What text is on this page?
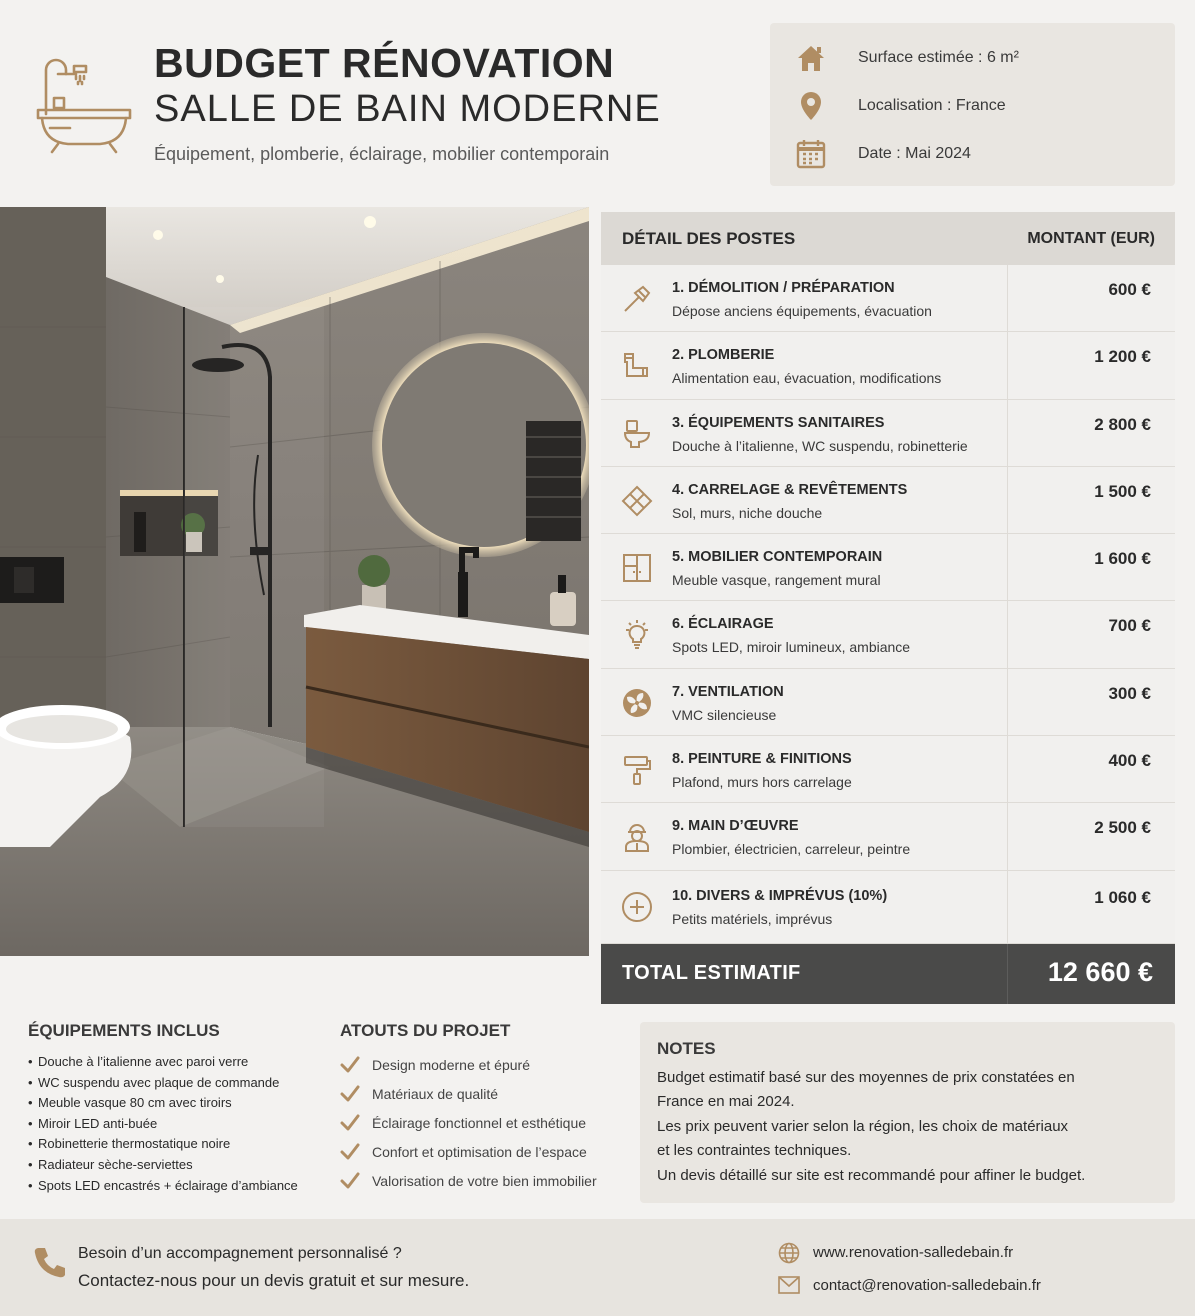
BUDGET RÉNOVATION
SALLE DE BAIN MODERNE
Équipement, plomberie, éclairage, mobilier contemporain
Surface estimée : 6 m²
Localisation : France
Date : Mai 2024
DÉTAIL DES POSTES	MONTANT (EUR)
1. DÉMOLITION / PRÉPARATION
Dépose anciens équipements, évacuation
600 €
2. PLOMBERIE
Alimentation eau, évacuation, modifications
1 200 €
3. ÉQUIPEMENTS SANITAIRES
Douche à l’italienne, WC suspendu, robinetterie
2 800 €
4. CARRELAGE & REVÊTEMENTS
Sol, murs, niche douche
1 500 €
5. MOBILIER CONTEMPORAIN
Meuble vasque, rangement mural
1 600 €
6. ÉCLAIRAGE
Spots LED, miroir lumineux, ambiance
700 €
7. VENTILATION
VMC silencieuse
300 €
8. PEINTURE & FINITIONS
Plafond, murs hors carrelage
400 €
9. MAIN D’ŒUVRE
Plombier, électricien, carreleur, peintre
2 500 €
10. DIVERS & IMPRÉVUS (10%)
Petits matériels, imprévus
1 060 €
TOTAL ESTIMATIF	12 660 €
ÉQUIPEMENTS INCLUS
• Douche à l’italienne avec paroi verre
• WC suspendu avec plaque de commande
• Meuble vasque 80 cm avec tiroirs
• Miroir LED anti-buée
• Robinetterie thermostatique noire
• Radiateur sèche-serviettes
• Spots LED encastrés + éclairage d’ambiance
ATOUTS DU PROJET
Design moderne et épuré
Matériaux de qualité
Éclairage fonctionnel et esthétique
Confort et optimisation de l’espace
Valorisation de votre bien immobilier
NOTES
Budget estimatif basé sur des moyennes de prix constatées en
France en mai 2024.
Les prix peuvent varier selon la région, les choix de matériaux
et les contraintes techniques.
Un devis détaillé sur site est recommandé pour affiner le budget.
Besoin d’un accompagnement personnalisé ?
Contactez-nous pour un devis gratuit et sur mesure.
www.renovation-salledebain.fr
contact@renovation-salledebain.fr
